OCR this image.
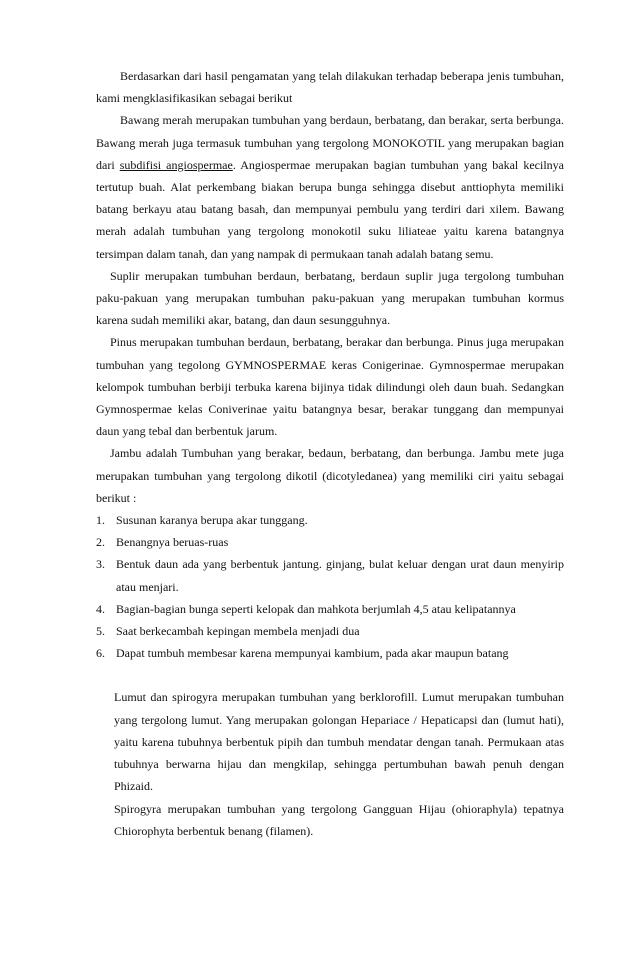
Berdasarkan dari hasil pengamatan yang telah dilakukan terhadap beberapa jenis tumbuhan, kami mengklasifikasikan sebagai berikut

Bawang merah merupakan tumbuhan yang berdaun, berbatang, dan berakar, serta berbunga. Bawang merah juga termasuk tumbuhan yang tergolong MONOKOTIL yang merupakan bagian dari subdifisi angiospermae. Angiospermae merupakan bagian tumbuhan yang bakal kecilnya tertutup buah. Alat perkembang biakan berupa bunga sehingga disebut anttiophyta memiliki batang berkayu atau batang basah, dan mempunyai pembulu yang terdiri dari xilem. Bawang merah adalah tumbuhan yang tergolong monokotil suku liliateae yaitu karena batangnya tersimpan dalam tanah, dan yang nampak di permukaan tanah adalah batang semu.

Suplir merupakan tumbuhan berdaun, berbatang, berdaun suplir juga tergolong tumbuhan paku-pakuan yang merupakan tumbuhan paku-pakuan yang merupakan tumbuhan kormus karena sudah memiliki akar, batang, dan daun sesungguhnya.

Pinus merupakan tumbuhan berdaun, berbatang, berakar dan berbunga. Pinus juga merupakan tumbuhan yang tegolong GYMNOSPERMAE keras Conigerinae. Gymnospermae merupakan kelompok tumbuhan berbiji terbuka karena bijinya tidak dilindungi oleh daun buah. Sedangkan Gymnospermae kelas Coniverinae yaitu batangnya besar, berakar tunggang dan mempunyai daun yang tebal dan berbentuk jarum.

Jambu adalah Tumbuhan yang berakar, bedaun, berbatang, dan berbunga. Jambu mete juga merupakan tumbuhan yang tergolong dikotil (dicotyledanea) yang memiliki ciri yaitu sebagai berikut :

1. Susunan karanya berupa akar tunggang.
2. Benangnya beruas-ruas
3. Bentuk daun ada yang berbentuk jantung. ginjang, bulat keluar dengan urat daun menyirip atau menjari.
4. Bagian-bagian bunga seperti kelopak dan mahkota berjumlah 4,5 atau kelipatannya
5. Saat berkecambah kepingan membela menjadi dua
6. Dapat tumbuh membesar karena mempunyai kambium, pada akar maupun batang

Lumut dan spirogyra merupakan tumbuhan yang berklorofill. Lumut merupakan tumbuhan yang tergolong lumut. Yang merupakan golongan Hepariace / Hepaticapsi dan (lumut hati), yaitu karena tubuhnya berbentuk pipih dan tumbuh mendatar dengan tanah. Permukaan atas tubuhnya berwarna hijau dan mengkilap, sehingga pertumbuhan bawah penuh dengan Phizaid.

Spirogyra merupakan tumbuhan yang tergolong Gangguan Hijau (ohioraphyla) tepatnya Chiorophyta berbentuk benang (filamen).
